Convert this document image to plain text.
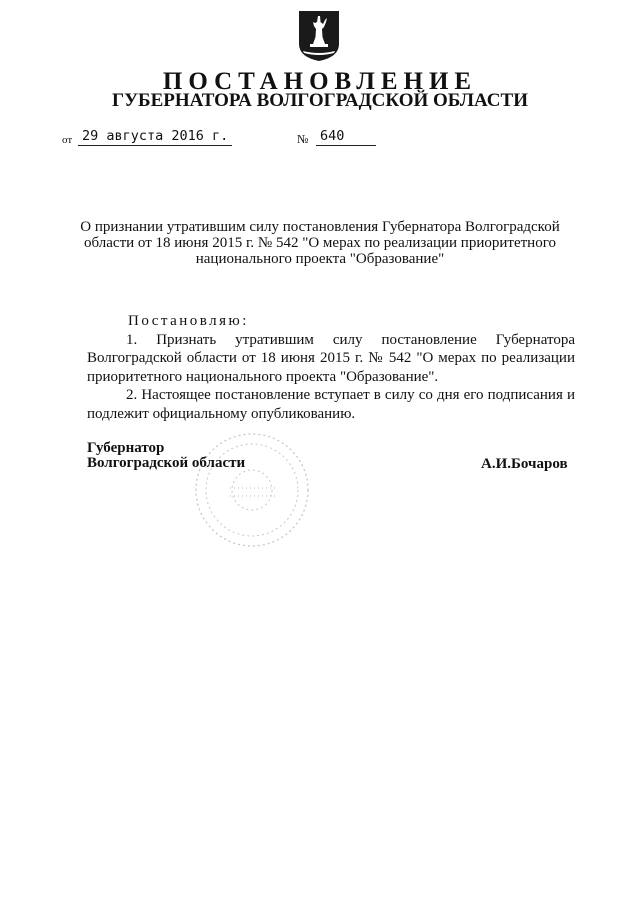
ПОСТАНОВЛЕНИЕ
ГУБЕРНАТОРА ВОЛГОГРАДСКОЙ ОБЛАСТИ
от 29 августа 2016 г.	№ 640
О признании утратившим силу постановления Губернатора Волгоградской области от 18 июня 2015 г. № 542 "О мерах по реализации приоритетного национального проекта "Образование"

Постановляю:

1. Признать утратившим силу постановление Губернатора Волгоградской области от 18 июня 2015 г. № 542 "О мерах по реализации приоритетного национального проекта "Образование".

2. Настоящее постановление вступает в силу со дня его подписания и подлежит официальному опубликованию.

Губернатор
Волгоградской области	А.И.Бочаров
